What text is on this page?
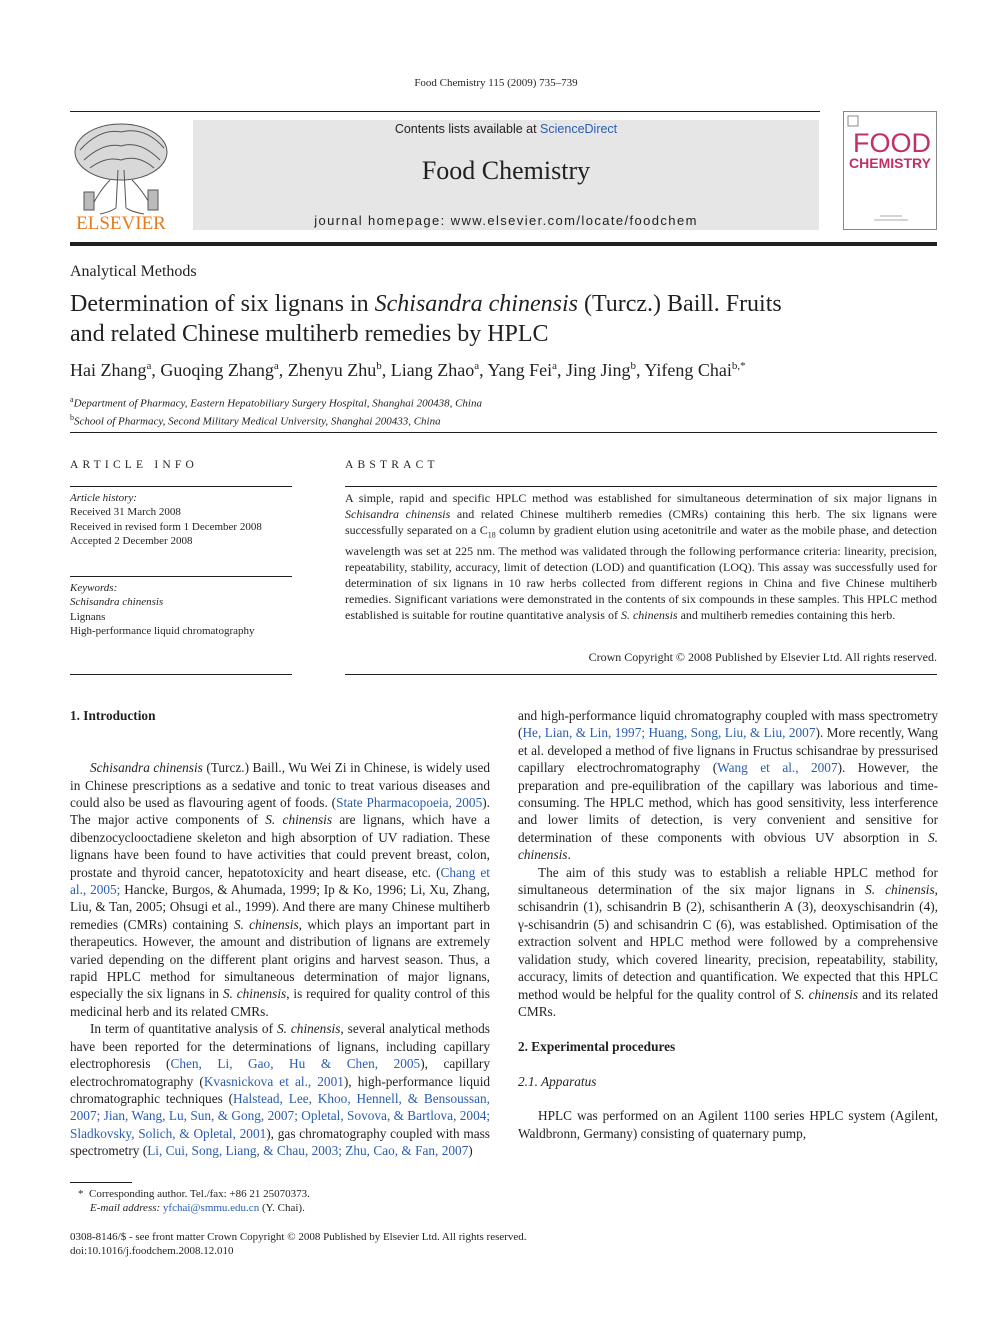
Food Chemistry 115 (2009) 735–739
ELSEVIER
Contents lists available at ScienceDirect
Food Chemistry
journal homepage: www.elsevier.com/locate/foodchem
FOOD
CHEMISTRY
Analytical Methods
Determination of six lignans in Schisandra chinensis (Turcz.) Baill. Fruits
and related Chinese multiherb remedies by HPLC
Hai Zhang$^a$, Guoqing Zhang$^a$, Zhenyu Zhu$^b$, Liang Zhao$^a$, Yang Fei$^a$, Jing Jing$^b$, Yifeng Chai$^{b,*}$
$^a$Department of Pharmacy, Eastern Hepatobiliary Surgery Hospital, Shanghai 200438, China
$^b$School of Pharmacy, Second Military Medical University, Shanghai 200433, China
ARTICLE INFO	ABSTRACT
Article history:
Received 31 March 2008
Received in revised form 1 December 2008
Accepted 2 December 2008
Keywords:
Schisandra chinensis
Lignans
High-performance liquid chromatography
A simple, rapid and specific HPLC method was established for simultaneous determination of six major lignans in Schisandra chinensis and related Chinese multiherb remedies (CMRs) containing this herb. The six lignans were successfully separated on a $C_{18}$ column by gradient elution using acetonitrile and water as the mobile phase, and detection wavelength was set at 225 nm. The method was validated through the following performance criteria: linearity, precision, repeatability, stability, accuracy, limit of detection (LOD) and quantification (LOQ). This assay was successfully used for determination of six lignans in 10 raw herbs collected from different regions in China and five Chinese multiherb remedies. Significant variations were demonstrated in the contents of six compounds in these samples. This HPLC method established is suitable for routine quantitative analysis of S. chinensis and multiherb remedies containing this herb.
Crown Copyright © 2008 Published by Elsevier Ltd. All rights reserved.
1. Introduction

Schisandra chinensis (Turcz.) Baill., Wu Wei Zi in Chinese, is widely used in Chinese prescriptions as a sedative and tonic to treat various diseases and could also be used as flavouring agent of foods. (State Pharmacopoeia, 2005). The major active components of S. chinensis are lignans, which have a dibenzocyclooctadiene skeleton and high absorption of UV radiation. These lignans have been found to have activities that could prevent breast, colon, prostate and thyroid cancer, hepatotoxicity and heart disease, etc. (Chang et al., 2005; Hancke, Burgos, & Ahumada, 1999; Ip & Ko, 1996; Li, Xu, Zhang, Liu, & Tan, 2005; Ohsugi et al., 1999). And there are many Chinese multiherb remedies (CMRs) containing S. chinensis, which plays an important part in therapeutics. However, the amount and distribution of lignans are extremely varied depending on the different plant origins and harvest season. Thus, a rapid HPLC method for simultaneous determination of major lignans, especially the six lignans in S. chinensis, is required for quality control of this medicinal herb and its related CMRs.

In term of quantitative analysis of S. chinensis, several analytical methods have been reported for the determinations of lignans, including capillary electrophoresis (Chen, Li, Gao, Hu & Chen, 2005), capillary electrochromatography (Kvasnickova et al., 2001), high-performance liquid chromatographic techniques (Halstead, Lee, Khoo, Hennell, & Bensoussan, 2007; Jian, Wang, Lu, Sun, & Gong, 2007; Opletal, Sovova, & Bartlova, 2004; Sladkovsky, Solich, & Opletal, 2001), gas chromatography coupled with mass spectrometry (Li, Cui, Song, Liang, & Chau, 2003; Zhu, Cao, & Fan, 2007)

and high-performance liquid chromatography coupled with mass spectrometry (He, Lian, & Lin, 1997; Huang, Song, Liu, & Liu, 2007). More recently, Wang et al. developed a method of five lignans in Fructus schisandrae by pressurised capillary electrochromatography (Wang et al., 2007). However, the preparation and pre-equilibration of the capillary was laborious and time-consuming. The HPLC method, which has good sensitivity, less interference and lower limits of detection, is very convenient and sensitive for determination of these components with obvious UV absorption in S. chinensis.

The aim of this study was to establish a reliable HPLC method for simultaneous determination of the six major lignans in S. chinensis, schisandrin (1), schisandrin B (2), schisantherin A (3), deoxyschisandrin (4), γ-schisandrin (5) and schisandrin C (6), was established. Optimisation of the extraction solvent and HPLC method were followed by a comprehensive validation study, which covered linearity, precision, repeatability, stability, accuracy, limits of detection and quantification. We expected that this HPLC method would be helpful for the quality control of S. chinensis and its related CMRs.

2. Experimental procedures
2.1. Apparatus

HPLC was performed on an Agilent 1100 series HPLC system (Agilent, Waldbronn, Germany) consisting of quaternary pump,

* Corresponding author. Tel./fax: +86 21 25070373.
E-mail address: yfchai@smmu.edu.cn (Y. Chai).
0308-8146/$ - see front matter Crown Copyright © 2008 Published by Elsevier Ltd. All rights reserved.
doi:10.1016/j.foodchem.2008.12.010
